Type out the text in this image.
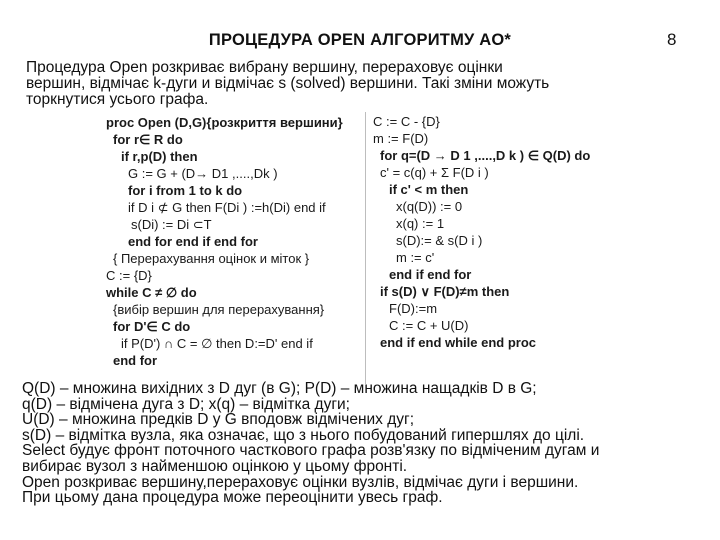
ПРОЦЕДУРА OPEN АЛГОРИТМУ AO*	8
Процедура Open розкриває вибрану вершину, перераховує оцінки
вершин, відмічає k-дуги и відмічає s (solved) вершини. Такі зміни можуть
торкнутися усього графа.
proc Open (D,G){розкриття вершини}
for r∈ R do
if r,p(D) then
G := G + (D→ D1 ,....,Dk )
for i from 1 to k do
if D i ⊄ G then F(Di ) :=h(Di) end if
s(Di) := Di ⊂T
end for end if end for
{ Перерахування оцінок и міток }
C := {D}
while C ≠ ∅ do
{вибір вершин для перерахування}
for D'∈ C do
if P(D') ∩ C = ∅ then D:=D' end if
end for
C := C - {D}
m := F(D)
for q=(D → D 1 ,....,D k ) ∈ Q(D) do
c' = c(q) + Σ F(D i )
if c' < m then
x(q(D)) := 0
x(q) := 1
s(D):= & s(D i )
m := c'
end if end for
if s(D) ∨ F(D)≠m then
F(D):=m
C := C + U(D)
end if end while end proc
Q(D) – множина вихідних з D дуг (в G); P(D) – множина нащадків D в G;
q(D) – відмічена дуга з D; x(q) – відмітка дуги;
U(D) – множина предків D у G вподовж відмічених дуг;
s(D) – відмітка вузла, яка означає, що з нього побудований гипершлях до цілі.
Select будує фронт поточного часткового графа розв'язку по відміченим дугам и
вибирає вузол з найменшою оцінкою у цьому фронті.
Open розкриває вершину,перераховує оцінки вузлів, відмічає дуги і вершини.
При цьому дана процедура може переоцінити увесь граф.
